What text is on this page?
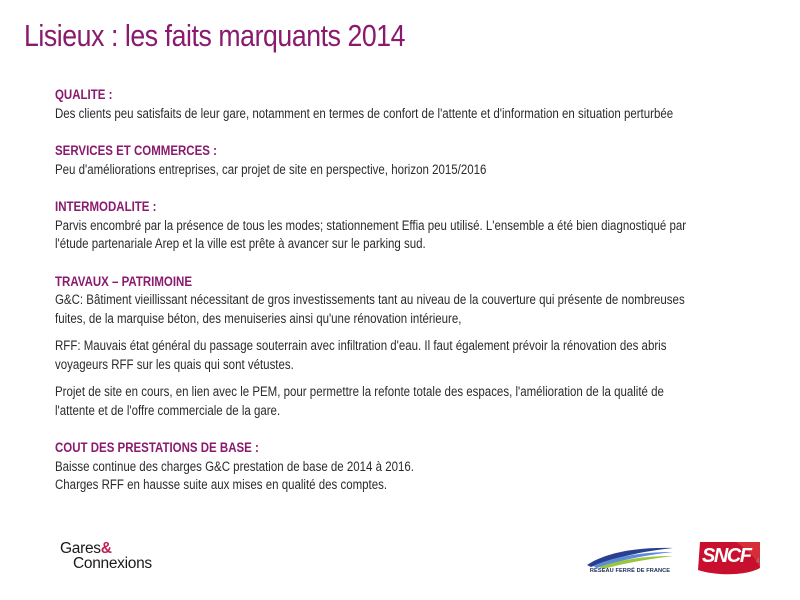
Lisieux : les faits marquants 2014
QUALITE :
Des clients peu satisfaits de leur gare, notamment en termes de confort de l'attente et d'information en situation perturbée
SERVICES ET COMMERCES :
Peu d'améliorations entreprises, car projet de site en perspective, horizon 2015/2016
INTERMODALITE :
Parvis encombré par la présence de tous les modes; stationnement Effia peu utilisé. L'ensemble a été bien diagnostiqué par
l'étude partenariale Arep et la ville est prête à avancer sur le parking sud.
TRAVAUX – PATRIMOINE
G&C: Bâtiment vieillissant nécessitant de gros investissements tant au niveau de la couverture qui présente de nombreuses
fuites, de la marquise béton, des menuiseries ainsi qu'une rénovation intérieure,
RFF: Mauvais état général du passage souterrain avec infiltration d'eau. Il faut également prévoir la rénovation des abris
voyageurs RFF sur les quais qui sont vétustes.
Projet de site en cours, en lien avec le PEM, pour permettre la refonte totale des espaces, l'amélioration de la qualité de
l'attente et de l'offre commerciale de la gare.
COUT DES PRESTATIONS DE BASE :
Baisse continue des charges G&C prestation de base de 2014 à 2016.
Charges RFF en hausse suite aux mises en qualité des comptes.
Gares&
Connexions	RÉSEAU FERRÉ DE FRANCE
SNCF 4
